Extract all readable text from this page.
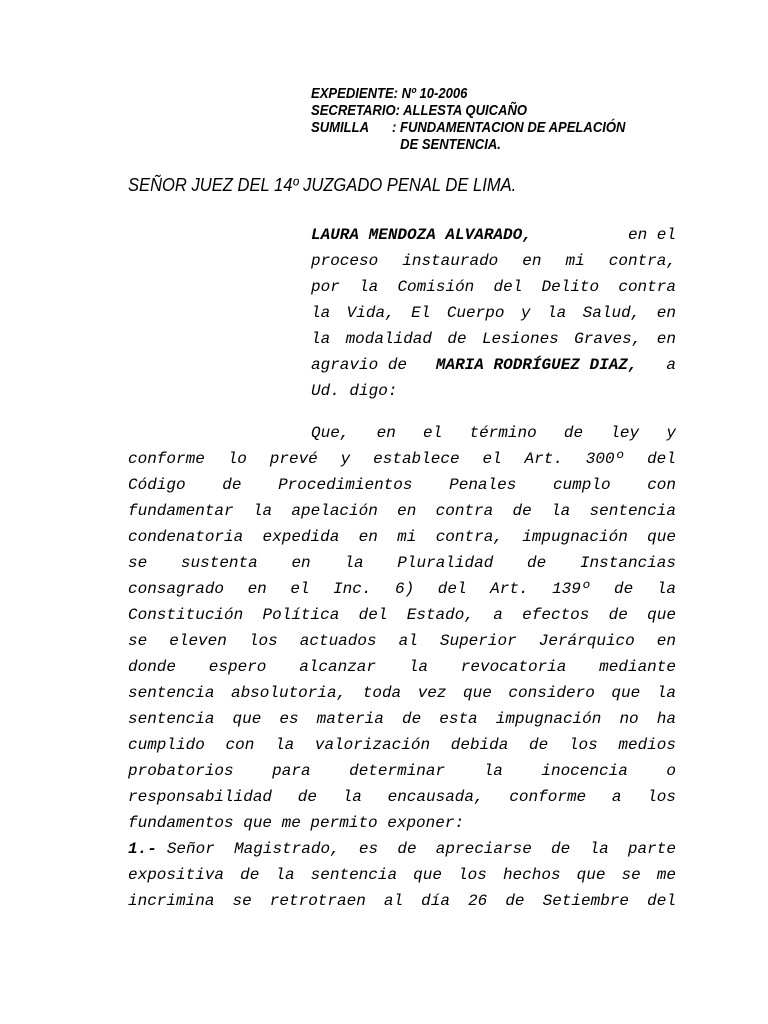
EXPEDIENTE: Nº 10-2006
SECRETARIO: ALLESTA QUICAÑO
SUMILLA : FUNDAMENTACION DE APELACIÓN
DE SENTENCIA.
SEÑOR JUEZ DEL 14º JUZGADO PENAL DE LIMA.
LAURA MENDOZA ALVARADO,	en el
proceso instaurado en mi contra,
por la Comisión del Delito contra
la Vida, El Cuerpo y la Salud, en
la modalidad de Lesiones Graves, en
agravio de MARIA RODRÍGUEZ DIAZ, a
Ud. digo:
Que, en el término de ley y
conforme lo prevé y establece el Art. 300º del
Código de Procedimientos Penales cumplo con
fundamentar la apelación en contra de la sentencia
condenatoria expedida en mi contra, impugnación que
se sustenta en la Pluralidad de Instancias
consagrado en el Inc. 6) del Art. 139º de la
Constitución Política del Estado, a efectos de que
se eleven los actuados al Superior Jerárquico en
donde espero alcanzar la revocatoria mediante
sentencia absolutoria, toda vez que considero que la
sentencia que es materia de esta impugnación no ha
cumplido con la valorización debida de los medios
probatorios para determinar la inocencia o
responsabilidad de la encausada, conforme a los
fundamentos que me permito exponer:
1.- Señor Magistrado, es de apreciarse de la parte
expositiva de la sentencia que los hechos que se me
incrimina se retrotraen al día 26 de Setiembre del
